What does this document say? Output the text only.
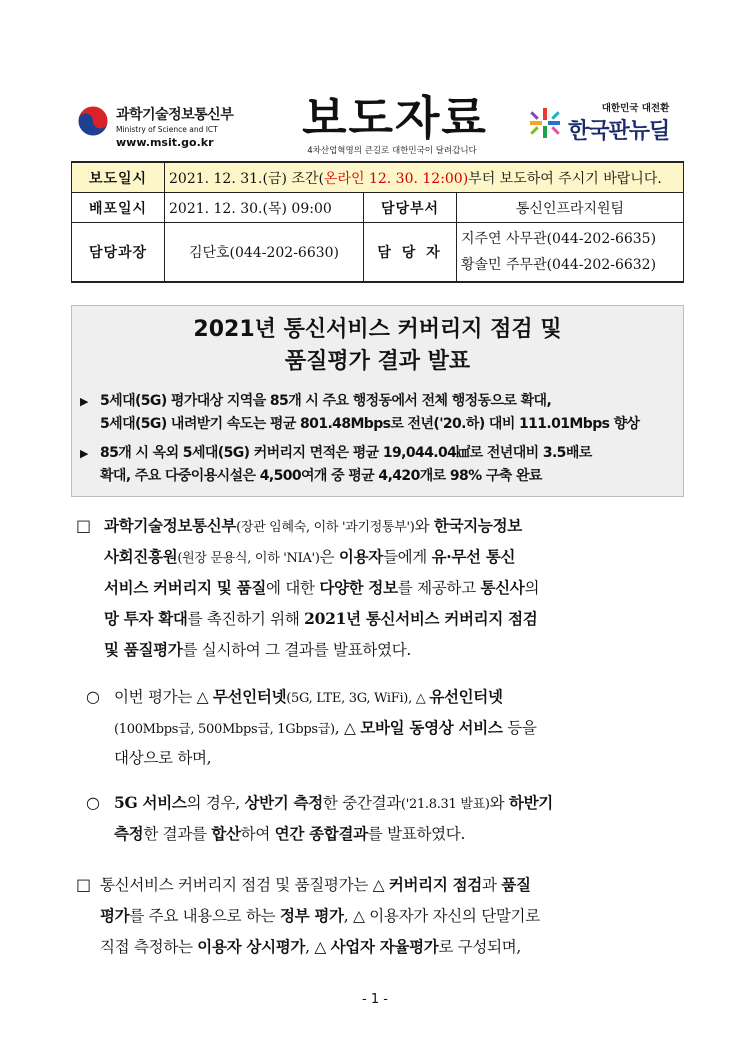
과학기술정보통신부
Ministry of Science and ICT
www.msit.go.kr	보도자료
4차산업혁명의 큰길로 대한민국이 달려갑니다
대한민국 대전환
한국판뉴딜
보도일시	2021. 12. 31.(금) 조간(온라인 12. 30. 12:00)부터 보도하여 주시기 바랍니다.		
배포일시	2021. 12. 30.(목) 09:00	담당부서	통신인프라지원팀
담당과장	김단호(044-202-6630)	담 당 자	지주연 사무관(044-202-6635)
황솔민 주무관(044-202-6632)
2021년 통신서비스 커버리지 점검 및
품질평가 결과 발표
▶ 5세대(5G) 평가대상 지역을 85개 시 주요 행정동에서 전체 행정동으로 확대,
5세대(5G) 내려받기 속도는 평균 801.48Mbps로 전년('20.하) 대비 111.01Mbps 향상
▶ 85개 시 옥외 5세대(5G) 커버리지 면적은 평균 19,044.04㎢로 전년대비 3.5배로
확대, 주요 다중이용시설은 4,500여개 중 평균 4,420개로 98% 구축 완료
□ 과학기술정보통신부(장관 임혜숙, 이하 '과기정통부')와 한국지능정보
사회진흥원(원장 문용식, 이하 'NIA')은 이용자들에게 유·무선 통신
서비스 커버리지 및 품질에 대한 다양한 정보를 제공하고 통신사의
망 투자 확대를 촉진하기 위해 2021년 통신서비스 커버리지 점검
및 품질평가를 실시하여 그 결과를 발표하였다.
○ 이번 평가는 △ 무선인터넷(5G, LTE, 3G, WiFi), △ 유선인터넷
(100Mbps급, 500Mbps급, 1Gbps급), △ 모바일 동영상 서비스 등을
대상으로 하며,
○ 5G 서비스의 경우, 상반기 측정한 중간결과('21.8.31 발표)와 하반기
측정한 결과를 합산하여 연간 종합결과를 발표하였다.
□ 통신서비스 커버리지 점검 및 품질평가는 △ 커버리지 점검과 품질
평가를 주요 내용으로 하는 정부 평가, △ 이용자가 자신의 단말기로
직접 측정하는 이용자 상시평가, △ 사업자 자율평가로 구성되며,
- 1 -
